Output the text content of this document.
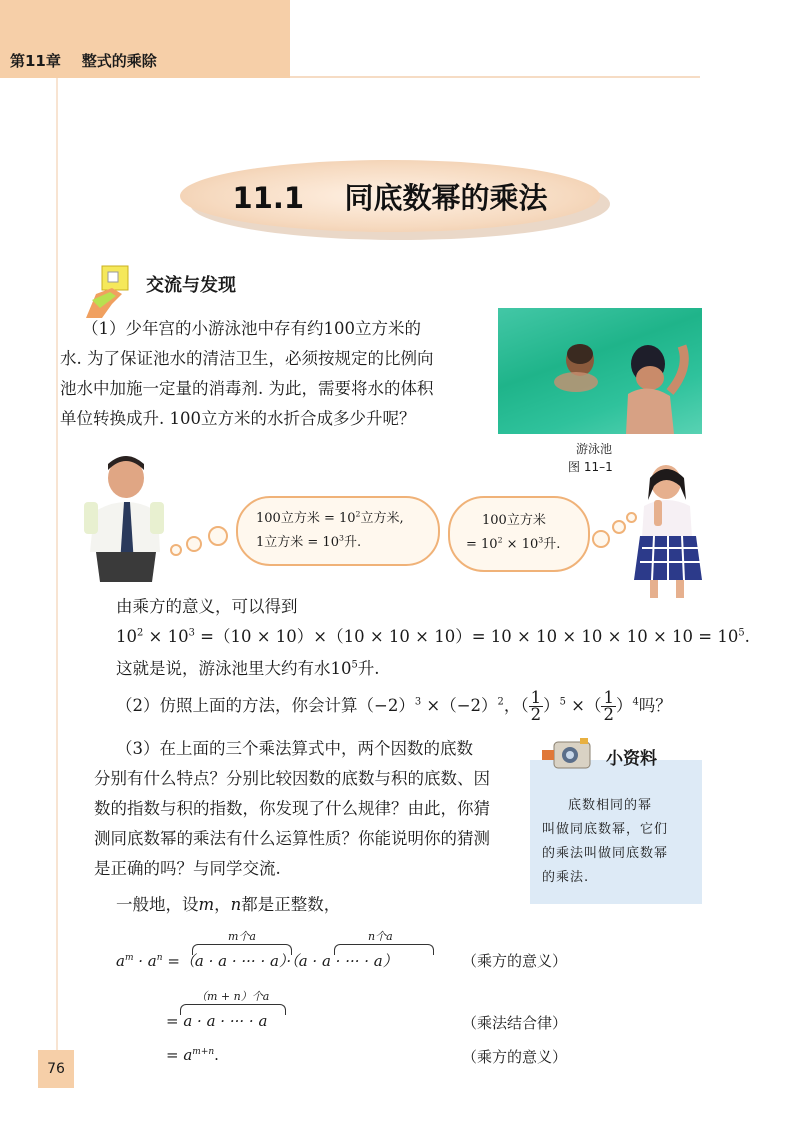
第11章    整式的乘除
11.1    同底数幂的乘法
交流与发现
（1）少年宫的小游泳池中存有约100立方米的
水. 为了保证池水的清洁卫生，必须按规定的比例向
池水中加施一定量的消毒剂. 为此，需要将水的体积
单位转换成升. 100立方米的水折合成多少升呢？
游泳池
图 11–1
100立方米 = $10^2$立方米,
1立方米 = $10^3$升.
100立方米
= $10^2 \times 10^3$升.
由乘方的意义，可以得到
$10^2 \times 10^3 =(10 \times 10)\times(10 \times 10 \times 10)= 10 \times 10 \times 10 \times 10 \times 10 = 10^5$.
这就是说，游泳池里大约有水$10^5$升.
（2）仿照上面的方法，你会计算$(-2)^3 \times(-2)^2$，（ $\frac{1}{2} )^5$ ×（ $\frac{1}{2} )^4$吗？
（3）在上面的三个乘法算式中，两个因数的底数
分别有什么特点？分别比较因数的底数与积的底数、因
数的指数与积的指数，你发现了什么规律？由此，你猜
测同底数幂的乘法有什么运算性质？你能说明你的猜测
是正确的吗？与同学交流.
小资料
底数相同的幂
叫做同底数幂，它们
的乘法叫做同底数幂
的乘法.
一般地，设m，n都是正整数，
m个a	n个a
$a^m \cdot a^n =(a \cdot a$ · ··· · a）·（a · a · ··· · a）	（乘方的意义）
（m + n）个a
= a · a · ··· · a	（乘法结合律）
= $a^{m+n}$.	（乘方的意义）
76
